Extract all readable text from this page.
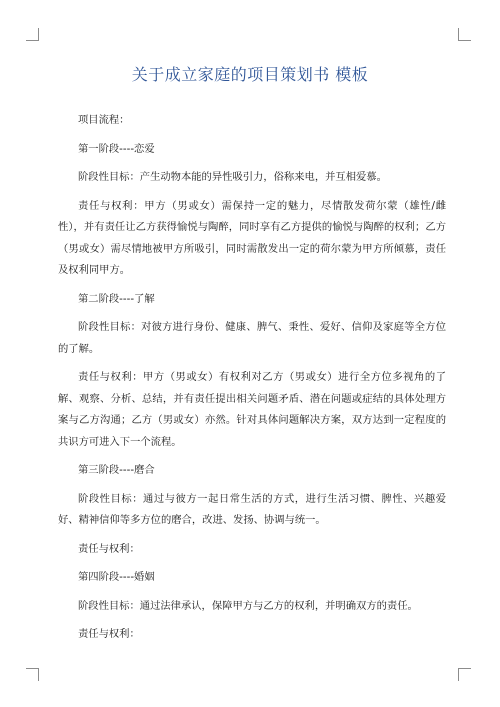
关于成立家庭的项目策划书 模板

项目流程：

第一阶段----恋爱

阶段性目标：产生动物本能的异性吸引力，俗称来电，并互相爱慕。

责任与权利：甲方（男或女）需保持一定的魅力，尽情散发荷尔蒙（雄性/雌性），并有责任让乙方获得愉悦与陶醉，同时享有乙方提供的愉悦与陶醉的权利；乙方（男或女）需尽情地被甲方所吸引，同时需散发出一定的荷尔蒙为甲方所倾慕，责任及权利同甲方。

第二阶段----了解

阶段性目标：对彼方进行身份、健康、脾气、秉性、爱好、信仰及家庭等全方位的了解。

责任与权利：甲方（男或女）有权利对乙方（男或女）进行全方位多视角的了解、观察、分析、总结，并有责任提出相关问题矛盾、潜在问题或症结的具体处理方案与乙方沟通；乙方（男或女）亦然。针对具体问题解决方案，双方达到一定程度的共识方可进入下一个流程。

第三阶段----磨合

阶段性目标：通过与彼方一起日常生活的方式，进行生活习惯、脾性、兴趣爱好、精神信仰等多方位的磨合，改进、发扬、协调与统一。

责任与权利：

第四阶段----婚姻

阶段性目标：通过法律承认，保障甲方与乙方的权利，并明确双方的责任。

责任与权利：
